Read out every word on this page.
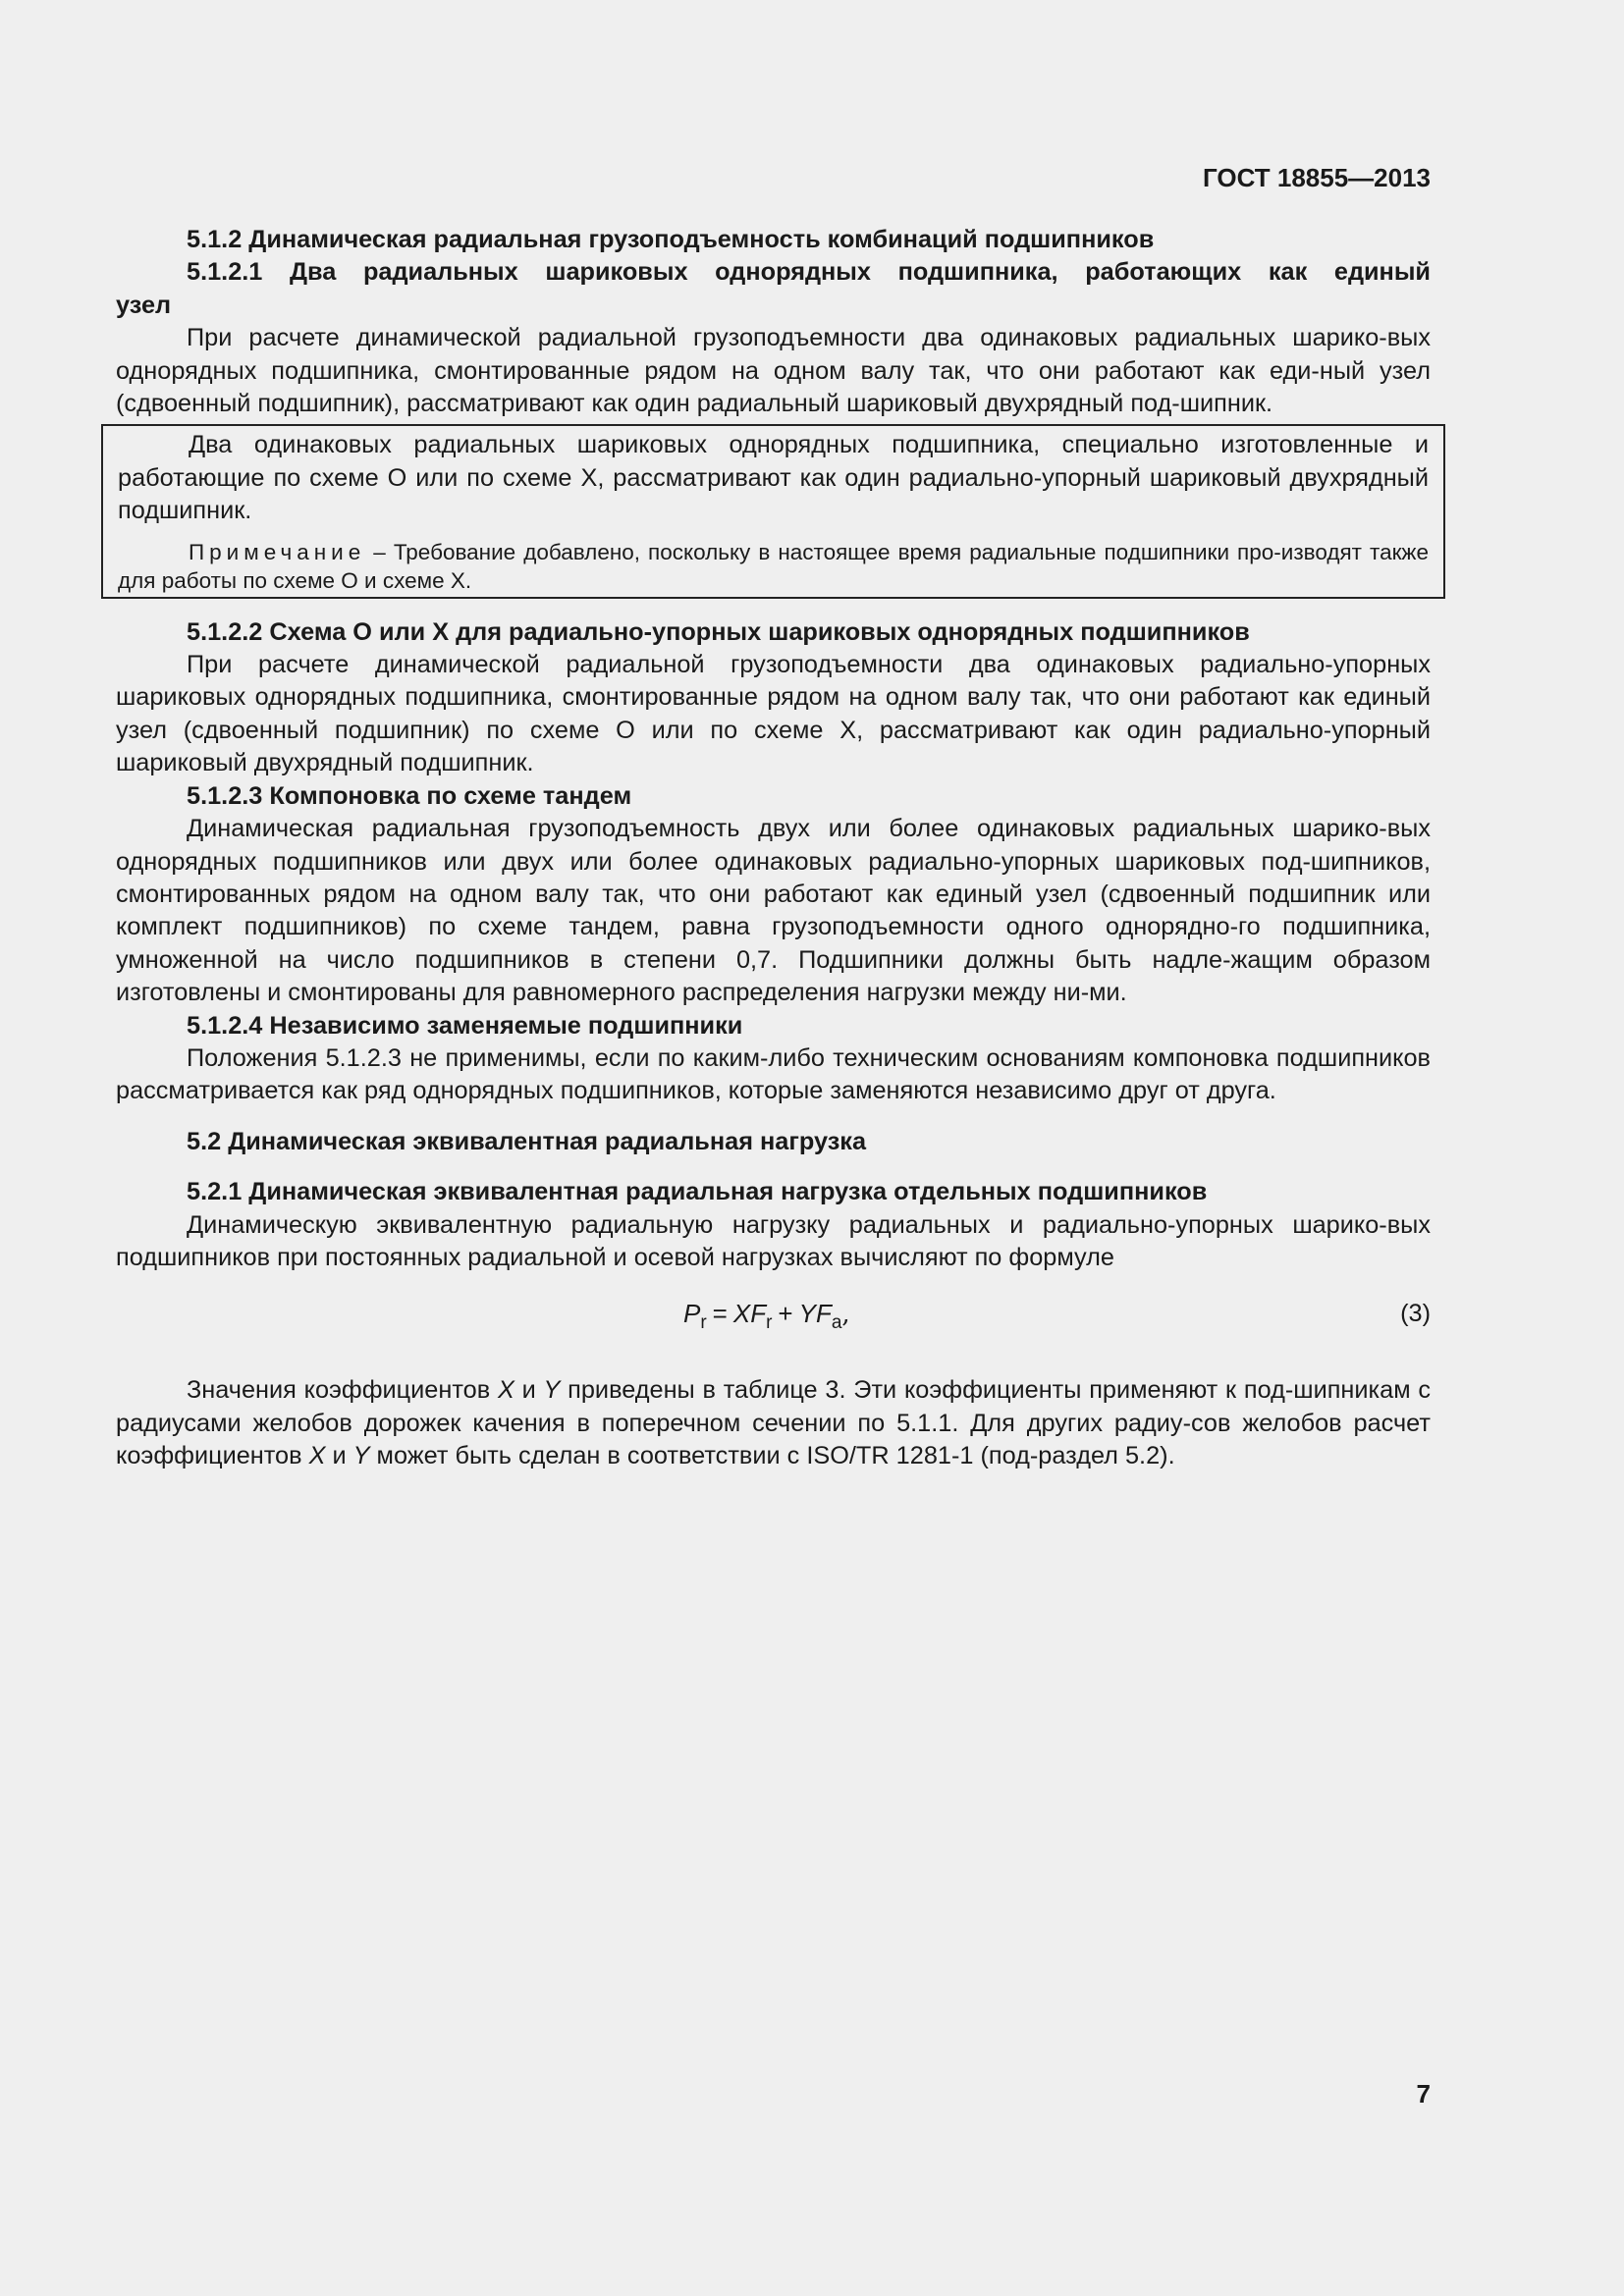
ГОСТ 18855—2013

5.1.2 Динамическая радиальная грузоподъемность комбинаций подшипников

5.1.2.1 Два радиальных шариковых однорядных подшипника, работающих как единый

узел

При расчете динамической радиальной грузоподъемности два одинаковых радиальных шарико-вых однорядных подшипника, смонтированные рядом на одном валу так, что они работают как еди-ный узел (сдвоенный подшипник), рассматривают как один радиальный шариковый двухрядный под-шипник.

Два одинаковых радиальных шариковых однорядных подшипника, специально изготовленные и работающие по схеме О или по схеме Х, рассматривают как один радиально-упорный шариковый двухрядный подшипник.

Примечание – Требование добавлено, поскольку в настоящее время радиальные подшипники про-изводят также для работы по схеме О и схеме Х.

5.1.2.2 Схема О или Х для радиально-упорных шариковых однорядных подшипников

При расчете динамической радиальной грузоподъемности два одинаковых радиально-упорных шариковых однорядных подшипника, смонтированные рядом на одном валу так, что они работают как единый узел (сдвоенный подшипник) по схеме О или по схеме Х, рассматривают как один радиально-упорный шариковый двухрядный подшипник.

5.1.2.3 Компоновка по схеме тандем

Динамическая радиальная грузоподъемность двух или более одинаковых радиальных шарико-вых однорядных подшипников или двух или более одинаковых радиально-упорных шариковых под-шипников, смонтированных рядом на одном валу так, что они работают как единый узел (сдвоенный подшипник или комплект подшипников) по схеме тандем, равна грузоподъемности одного однорядно-го подшипника, умноженной на число подшипников в степени 0,7. Подшипники должны быть надле-жащим образом изготовлены и смонтированы для равномерного распределения нагрузки между ни-ми.

5.1.2.4 Независимо заменяемые подшипники

Положения 5.1.2.3 не применимы, если по каким-либо техническим основаниям компоновка подшипников рассматривается как ряд однорядных подшипников, которые заменяются независимо друг от друга.

5.2 Динамическая эквивалентная радиальная нагрузка

5.2.1 Динамическая эквивалентная радиальная нагрузка отдельных подшипников

Динамическую эквивалентную радиальную нагрузку радиальных и радиально-упорных шарико-вых подшипников при постоянных радиальной и осевой нагрузках вычисляют по формуле

$P_r = XF_r + YF_a$,	(3)

Значения коэффициентов X и Y приведены в таблице 3. Эти коэффициенты применяют к под-шипникам с радиусами желобов дорожек качения в поперечном сечении по 5.1.1. Для других радиу-сов желобов расчет коэффициентов X и Y может быть сделан в соответствии с ISO/TR 1281-1 (под-раздел 5.2).

7
